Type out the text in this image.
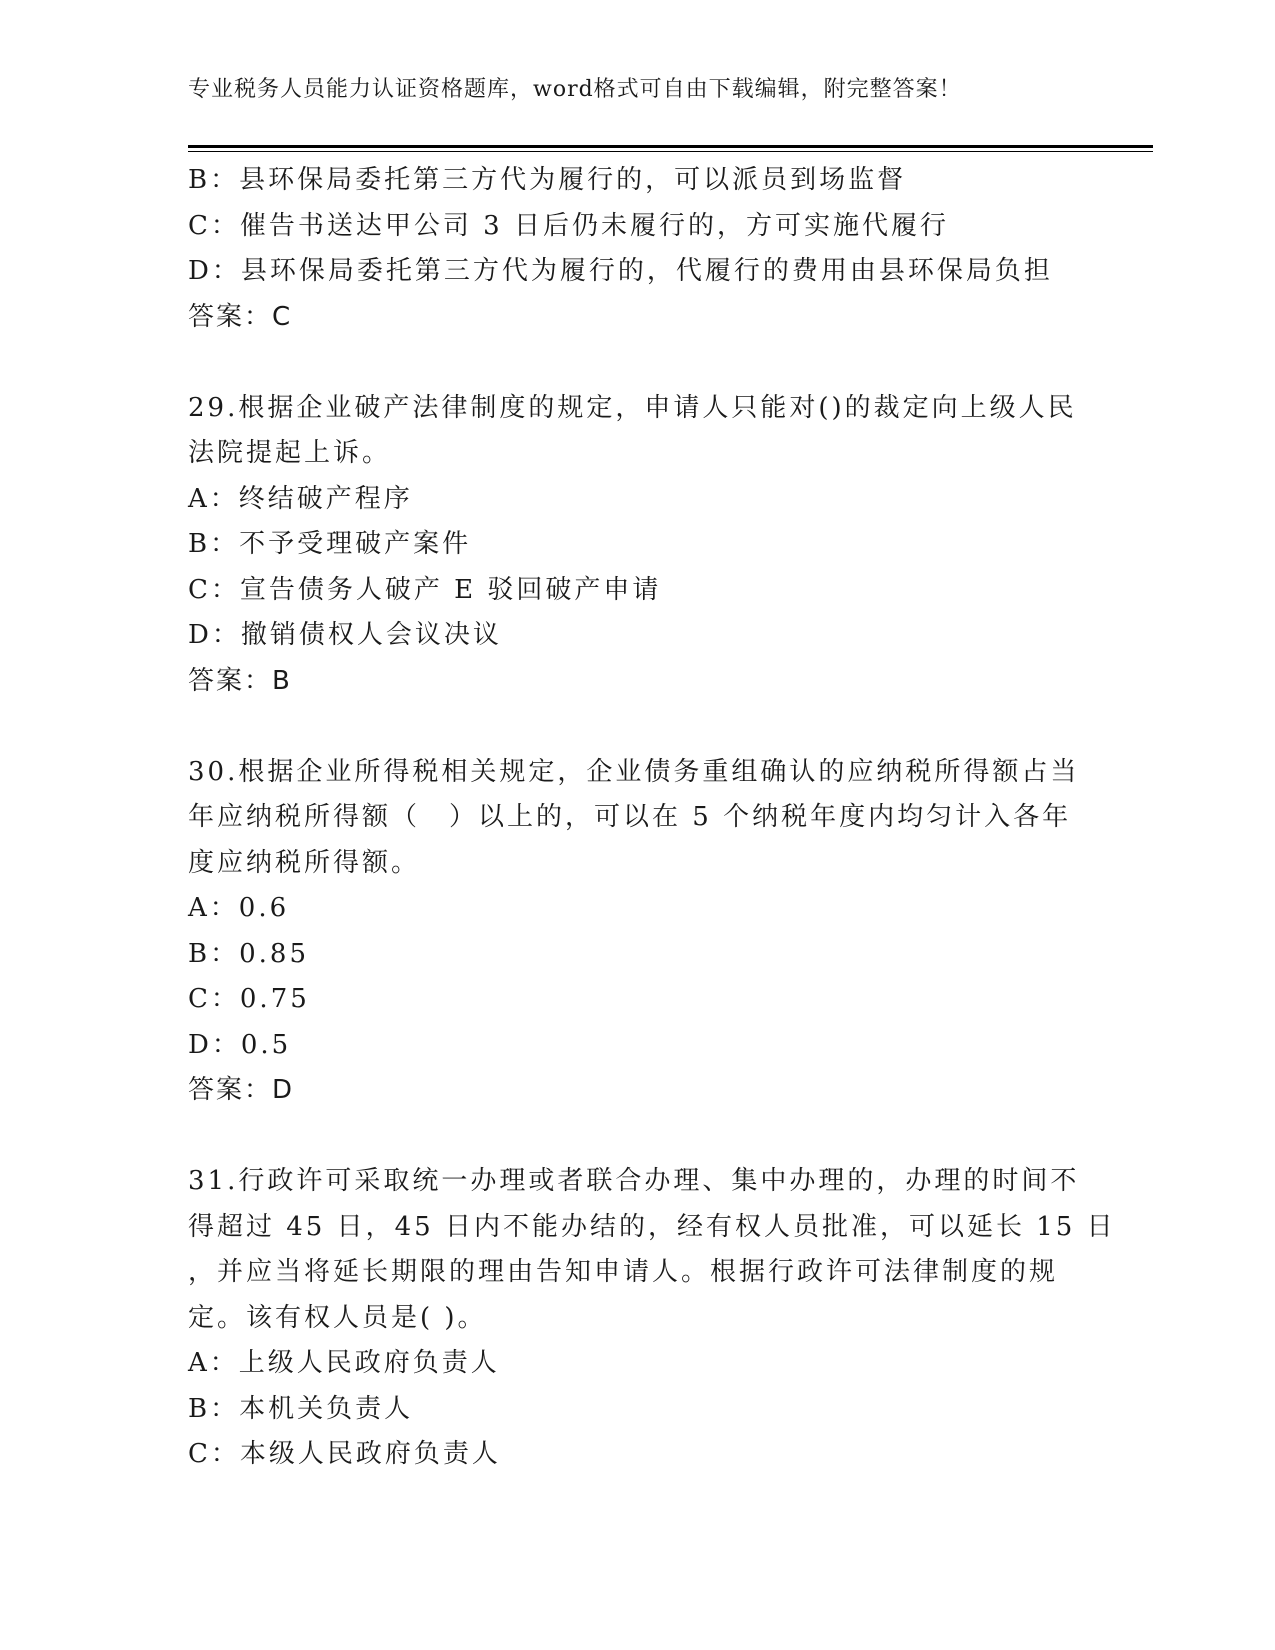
专业税务人员能力认证资格题库，word格式可自由下载编辑，附完整答案！
B：县环保局委托第三方代为履行的，可以派员到场监督
C：催告书送达甲公司 3 日后仍未履行的，方可实施代履行
D：县环保局委托第三方代为履行的，代履行的费用由县环保局负担
答案：C
29.根据企业破产法律制度的规定，申请人只能对()的裁定向上级人民
法院提起上诉。
A：终结破产程序
B：不予受理破产案件
C：宣告债务人破产 E 驳回破产申请
D：撤销债权人会议决议
答案：B
30.根据企业所得税相关规定，企业债务重组确认的应纳税所得额占当
年应纳税所得额（　）以上的，可以在 5 个纳税年度内均匀计入各年
度应纳税所得额。
A：0.6
B：0.85
C：0.75
D：0.5
答案：D
31.行政许可采取统一办理或者联合办理、集中办理的，办理的时间不
得超过 45 日，45 日内不能办结的，经有权人员批准，可以延长 15 日
，并应当将延长期限的理由告知申请人。根据行政许可法律制度的规
定。该有权人员是( )。
A：上级人民政府负责人
B：本机关负责人
C：本级人民政府负责人
